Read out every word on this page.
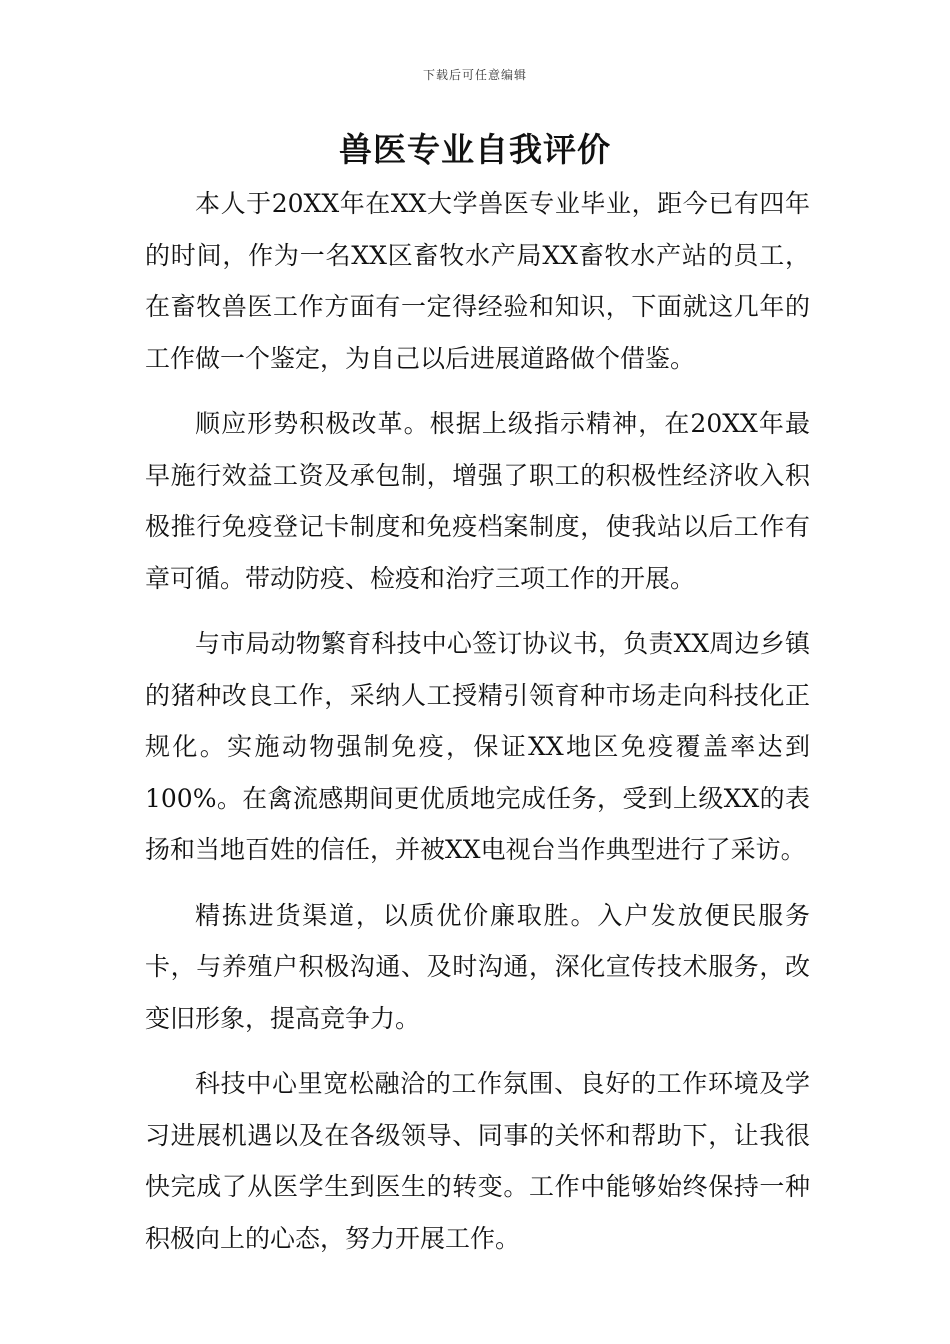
下载后可任意编辑
兽医专业自我评价

本人于20XX年在XX大学兽医专业毕业，距今已有四年的时间，作为一名XX区畜牧水产局XX畜牧水产站的员工，在畜牧兽医工作方面有一定得经验和知识，下面就这几年的工作做一个鉴定，为自己以后进展道路做个借鉴。

顺应形势积极改革。根据上级指示精神，在20XX年最早施行效益工资及承包制，增强了职工的积极性经济收入积极推行免疫登记卡制度和免疫档案制度，使我站以后工作有章可循。带动防疫、检疫和治疗三项工作的开展。

与市局动物繁育科技中心签订协议书，负责XX周边乡镇的猪种改良工作，采纳人工授精引领育种市场走向科技化正规化。实施动物强制免疫，保证XX地区免疫覆盖率达到100%。在禽流感期间更优质地完成任务，受到上级XX的表扬和当地百姓的信任，并被XX电视台当作典型进行了采访。

精拣进货渠道，以质优价廉取胜。入户发放便民服务卡，与养殖户积极沟通、及时沟通，深化宣传技术服务，改变旧形象，提高竞争力。

科技中心里宽松融洽的工作氛围、良好的工作环境及学习进展机遇以及在各级领导、同事的关怀和帮助下，让我很快完成了从医学生到医生的转变。工作中能够始终保持一种积极向上的心态，努力开展工作。
